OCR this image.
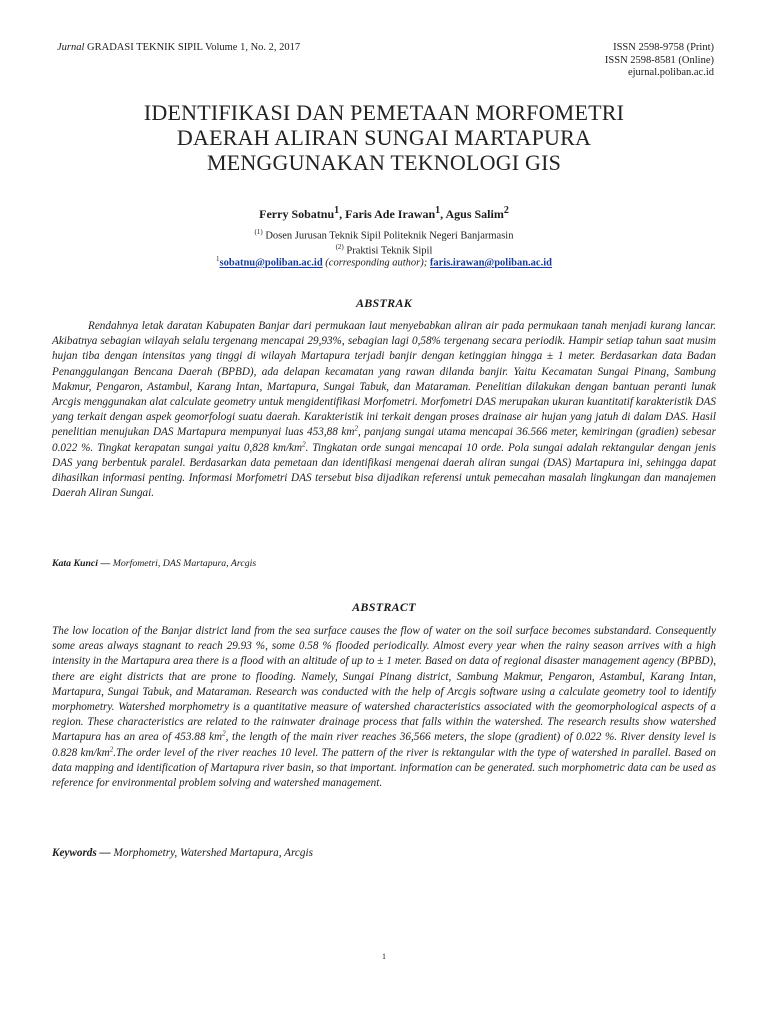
Jurnal GRADASI TEKNIK SIPIL Volume 1, No. 2, 2017	ISSN 2598-9758 (Print)
ISSN 2598-8581 (Online)
ejurnal.poliban.ac.id
IDENTIFIKASI DAN PEMETAAN MORFOMETRI
DAERAH ALIRAN SUNGAI MARTAPURA
MENGGUNAKAN TEKNOLOGI GIS
Ferry Sobatnu$^1$, Faris Ade Irawan$^1$, Agus Salim$^2$
$^{(1)}$ Dosen Jurusan Teknik Sipil Politeknik Negeri Banjarmasin
$^{(2)}$ Praktisi Teknik Sipil
$^1$sobatnu@poliban.ac.id (corresponding author); faris.irawan@poliban.ac.id
ABSTRAK

Rendahnya letak daratan Kabupaten Banjar dari permukaan laut menyebabkan aliran air pada permukaan tanah menjadi kurang lancar. Akibatnya sebagian wilayah selalu tergenang mencapai 29,93%, sebagian lagi 0,58% tergenang secara periodik. Hampir setiap tahun saat musim hujan tiba dengan intensitas yang tinggi di wilayah Martapura terjadi banjir dengan ketinggian hingga ± 1 meter. Berdasarkan data Badan Penanggulangan Bencana Daerah (BPBD), ada delapan kecamatan yang rawan dilanda banjir. Yaitu Kecamatan Sungai Pinang, Sambung Makmur, Pengaron, Astambul, Karang Intan, Martapura, Sungai Tabuk, dan Mataraman. Penelitian dilakukan dengan bantuan peranti lunak Arcgis menggunakan alat calculate geometry untuk mengidentifikasi Morfometri. Morfometri DAS merupakan ukuran kuantitatif karakteristik DAS yang terkait dengan aspek geomorfologi suatu daerah. Karakteristik ini terkait dengan proses drainase air hujan yang jatuh di dalam DAS. Hasil penelitian menujukan DAS Martapura mempunyai luas 453,88 $km^2$, panjang sungai utama mencapai 36.566 meter, kemiringan (gradien) sebesar 0.022 %. Tingkat kerapatan sungai yaitu 0,828 $km/km^2$. Tingkatan orde sungai mencapai 10 orde. Pola sungai adalah rektangular dengan jenis DAS yang berbentuk paralel. Berdasarkan data pemetaan dan identifikasi mengenai daerah aliran sungai (DAS) Martapura ini, sehingga dapat dihasilkan informasi penting. Informasi Morfometri DAS tersebut bisa dijadikan referensi untuk pemecahan masalah lingkungan dan manajemen Daerah Aliran Sungai.

Kata Kunci — Morfometri, DAS Martapura, Arcgis
ABSTRACT

The low location of the Banjar district land from the sea surface causes the flow of water on the soil surface becomes substandard. Consequently some areas always stagnant to reach 29.93 %, some 0.58 % flooded periodically. Almost every year when the rainy season arrives with a high intensity in the Martapura area there is a flood with an altitude of up to ± 1 meter. Based on data of regional disaster management agency (BPBD), there are eight districts that are prone to flooding. Namely, Sungai Pinang district, Sambung Makmur, Pengaron, Astambul, Karang Intan, Martapura, Sungai Tabuk, and Mataraman. Research was conducted with the help of Arcgis software using a calculate geometry tool to identify morphometry. Watershed morphometry is a quantitative measure of watershed characteristics associated with the geomorphological aspects of a region. These characteristics are related to the rainwater drainage process that falls within the watershed. The research results show watershed Martapura has an area of 453.88 $km^2$, the length of the main river reaches 36,566 meters, the slope (gradient) of 0.022 %. River density level is 0.828 $km/km^2.The$ order level of the river reaches 10 level. The pattern of the river is rektangular with the type of watershed in parallel. Based on data mapping and identification of Martapura river basin, so that important. information can be generated. such morphometric data can be used as reference for environmental problem solving and watershed management.

Keywords — Morphometry, Watershed Martapura, Arcgis
1
